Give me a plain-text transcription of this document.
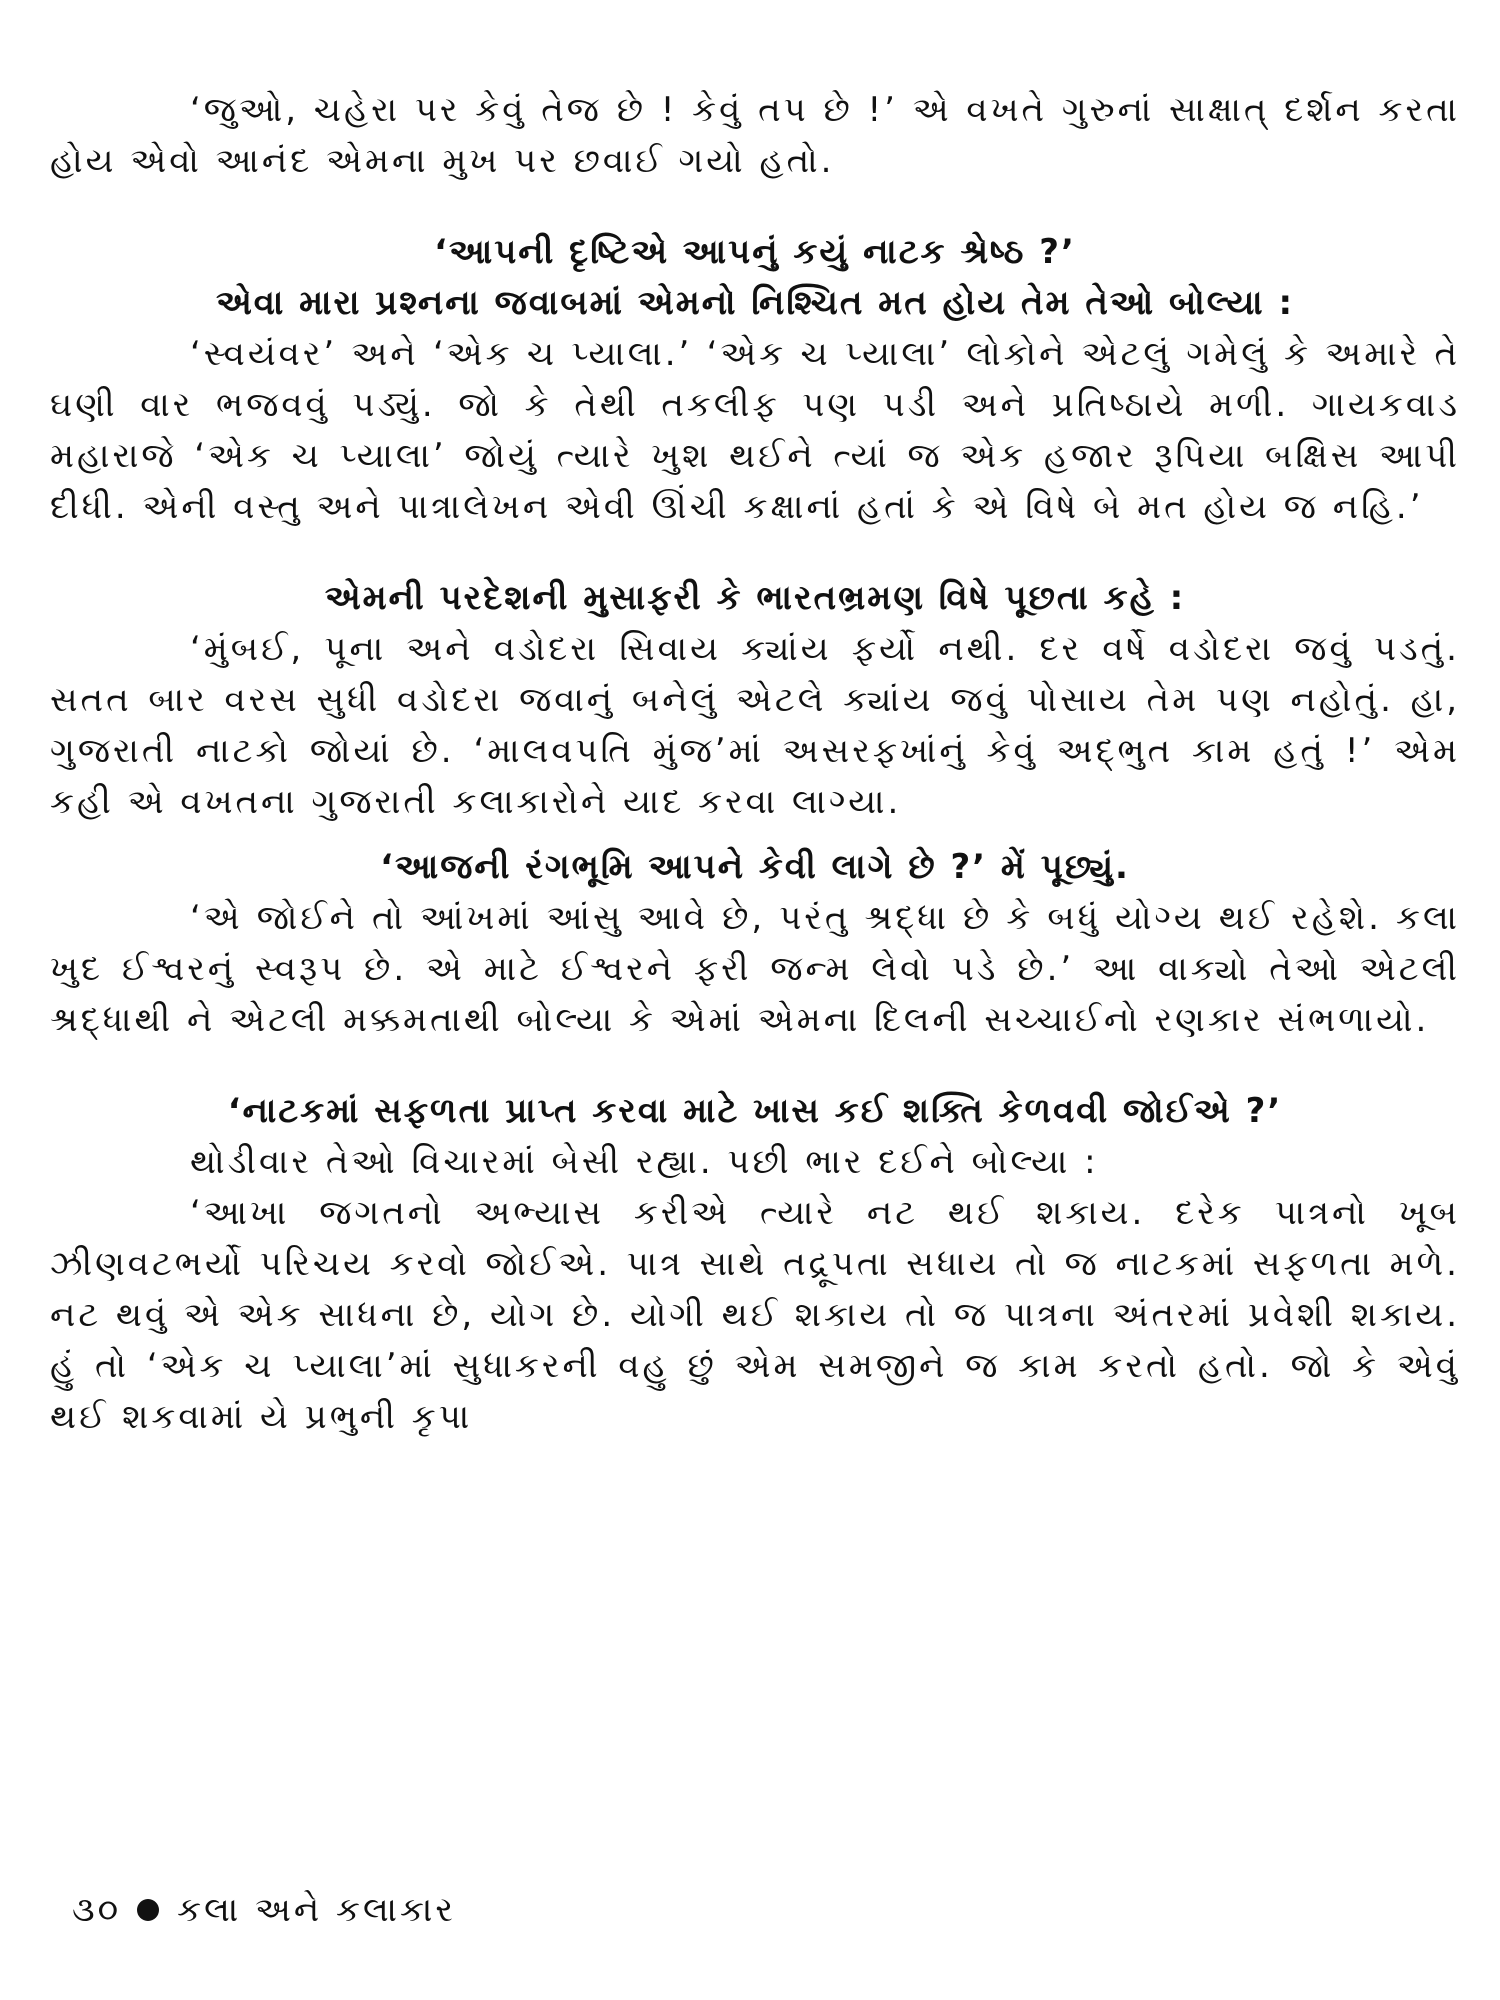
‘જુઓ, ચહેરા પર કેવું તેજ છે ! કેવું તપ છે !’ એ વખતે ગુરુનાં સાક્ષાત્ દર્શન કરતા હોય એવો આનંદ એમના મુખ પર છવાઈ ગયો હતો.

‘આપની દૃષ્ટિએ આપનું કયું નાટક શ્રેષ્ઠ ?’

એવા મારા પ્રશ્નના જવાબમાં એમનો નિશ્ચિત મત હોય તેમ તેઓ બોલ્યા :

‘સ્વયંવર’ અને ‘એક ચ પ્યાલા.’ ‘એક ચ પ્યાલા’ લોકોને એટલું ગમેલું કે અમારે તે ઘણી વાર ભજવવું પડ્યું. જો કે તેથી તકલીફ પણ પડી અને પ્રતિષ્ઠાયે મળી. ગાયકવાડ મહારાજે ‘એક ચ પ્યાલા’ જોયું ત્યારે ખુશ થઈને ત્યાં જ એક હજાર રૂપિયા બક્ષિસ આપી દીધી. એની વસ્તુ અને પાત્રાલેખન એવી ઊંચી કક્ષાનાં હતાં કે એ વિષે બે મત હોય જ નહિ.’

એમની પરદેશની મુસાફરી કે ભારતભ્રમણ વિષે પૂછતા કહે :

‘મુંબઈ, પૂના અને વડોદરા સિવાય ક્યાંય ફર્યો નથી. દર વર્ષે વડોદરા જવું પડતું. સતત બાર વરસ સુધી વડોદરા જવાનું બનેલું એટલે ક્યાંય જવું પોસાય તેમ પણ નહોતું. હા, ગુજરાતી નાટકો જોયાં છે. ‘માલવપતિ મુંજ’માં અસરફખાંનું કેવું અદ્ભુત કામ હતું !’ એમ કહી એ વખતના ગુજરાતી કલાકારોને યાદ કરવા લાગ્યા.

‘આજની રંગભૂમિ આપને કેવી લાગે છે ?’ મેં પૂછ્યું.

‘એ જોઈને તો આંખમાં આંસુ આવે છે, પરંતુ શ્રદ્ધા છે કે બધું યોગ્ય થઈ રહેશે. કલા ખુદ ઈશ્વરનું સ્વરૂપ છે. એ માટે ઈશ્વરને ફરી જન્મ લેવો પડે છે.’ આ વાક્યો તેઓ એટલી શ્રદ્ધાથી ને એટલી મક્કમતાથી બોલ્યા કે એમાં એમના દિલની સચ્ચાઈનો રણકાર સંભળાયો.

‘નાટકમાં સફળતા પ્રાપ્ત કરવા માટે ખાસ કઈ શક્તિ કેળવવી જોઈએ ?’

થોડીવાર તેઓ વિચારમાં બેસી રહ્યા. પછી ભાર દઈને બોલ્યા :

‘આખા જગતનો અભ્યાસ કરીએ ત્યારે નટ થઈ શકાય. દરેક પાત્રનો ખૂબ ઝીણવટભર્યો પરિચય કરવો જોઈએ. પાત્ર સાથે તદ્રૂપતા સધાય તો જ નાટકમાં સફળતા મળે. નટ થવું એ એક સાધના છે, યોગ છે. યોગી થઈ શકાય તો જ પાત્રના અંતરમાં પ્રવેશી શકાય. હું તો ‘એક ચ પ્યાલા’માં સુધાકરની વહુ છું એમ સમજીને જ કામ કરતો હતો. જો કે એવું થઈ શકવામાં યે પ્રભુની કૃપા

૩૦ કલા અને કલાકાર
